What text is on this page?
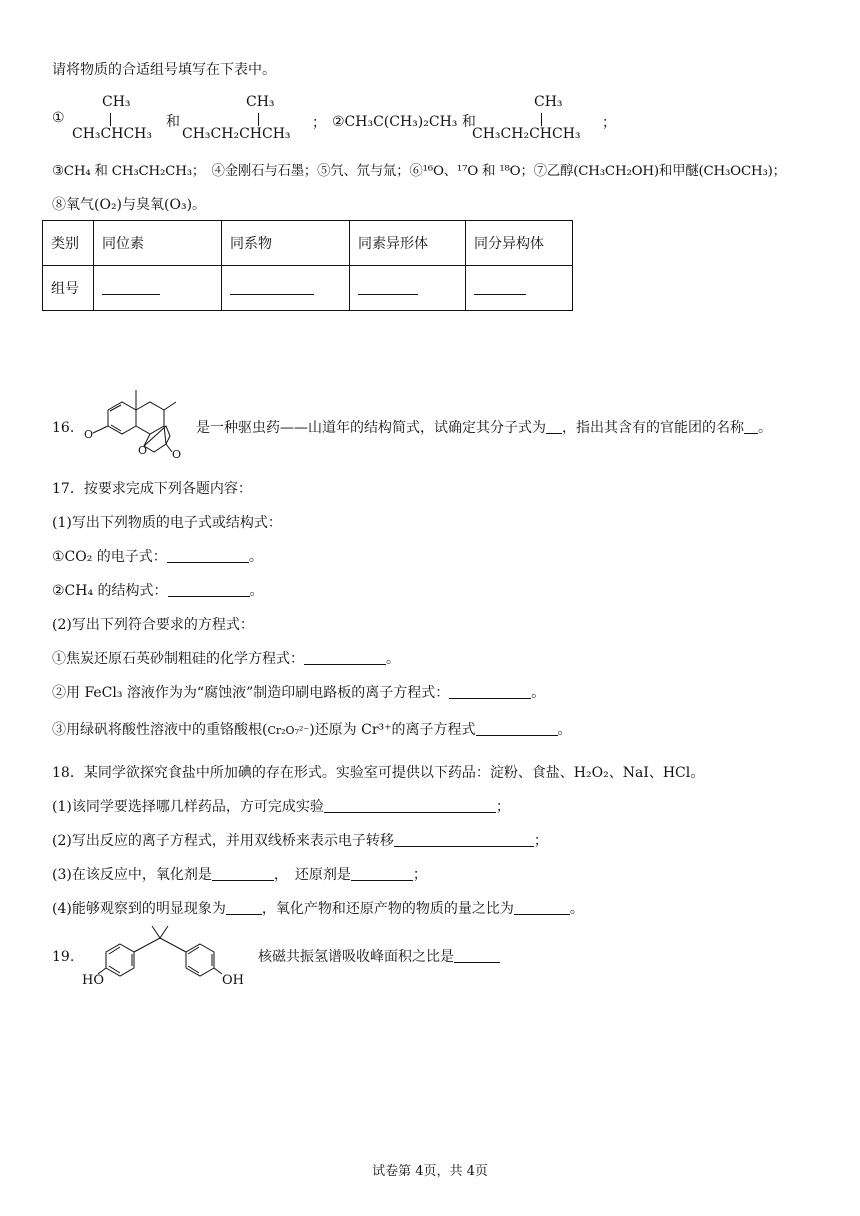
请将物质的合适组号填写在下表中。
①
CH₃
CH₃CHCH₃
和
CH₃
CH₃CH₂CHCH₃
； ②CH₃C(CH₃)₂CH₃ 和
CH₃
CH₃CH₂CHCH₃
；
③CH₄ 和 CH₃CH₂CH₃；　④金刚石与石墨；⑤氕、氘与氚；⑥¹⁶O、¹⁷O 和 ¹⁸O；⑦乙醇(CH₃CH₂OH)和甲醚(CH₃OCH₃)；
⑧氧气(O₂)与臭氧(O₃)。
类别	同位素	同系物	同素异形体	同分异构体
组号				
16. O
O O
是一种驱虫药——山道年的结构简式，试确定其分子式为 ，指出其含有的官能团的名称 。
17．按要求完成下列各题内容：
(1)写出下列物质的电子式或结构式：
①CO₂ 的电子式：	。
②CH₄ 的结构式：	。
(2)写出下列符合要求的方程式：
①焦炭还原石英砂制粗硅的化学方程式：	。
②用 FeCl₃ 溶液作为为“腐蚀液”制造印刷电路板的离子方程式：	。
③用绿矾将酸性溶液中的重铬酸根(Cr₂O₇²⁻)还原为 Cr³⁺的离子方程式	。
18．某同学欲探究食盐中所加碘的存在形式。实验室可提供以下药品：淀粉、食盐、H₂O₂、NaI、HCl。
(1)该同学要选择哪几样药品，方可完成实验	；
(2)写出反应的离子方程式，并用双线桥来表示电子转移	；
(3)在该反应中，氧化剂是	，　还原剂是	；
(4)能够观察到的明显现象为	，氧化产物和还原产物的物质的量之比为	。
19.
HO	OH
核磁共振氢谱吸收峰面积之比是
试卷第 4页，共 4页
